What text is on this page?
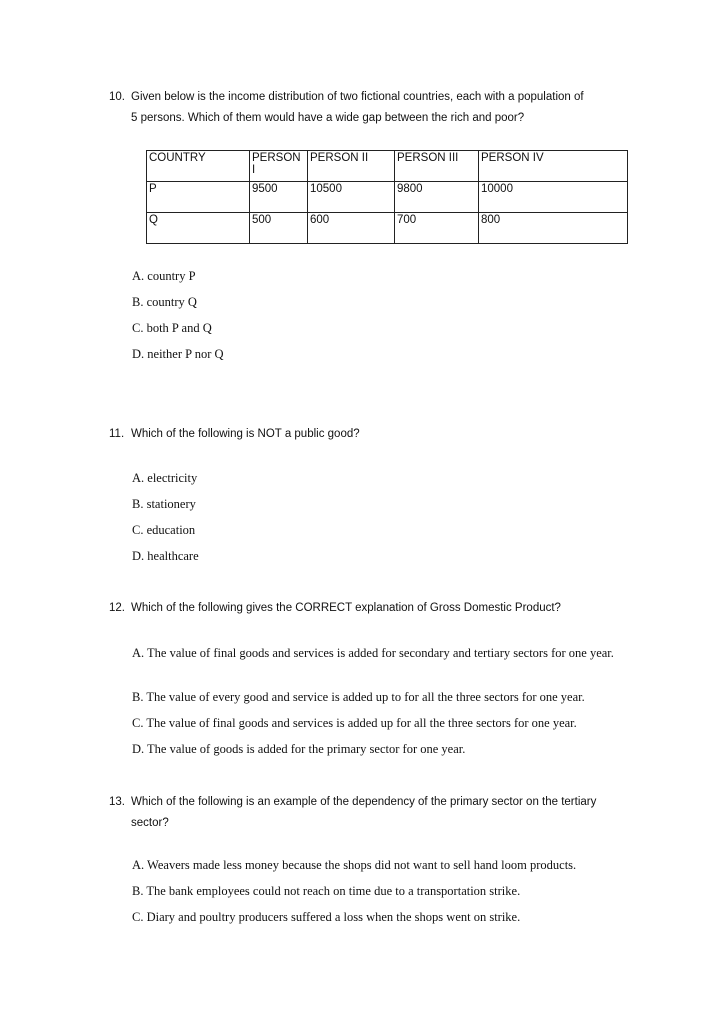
10. Given below is the income distribution of two fictional countries, each with a population of
5 persons. Which of them would have a wide gap between the rich and poor?
COUNTRY	PERSON I	PERSON II	PERSON III	PERSON IV
P	9500	10500	9800	10000
Q	500	600	700	800
A. country P
B. country Q
C. both P and Q
D. neither P nor Q
11. Which of the following is NOT a public good?
A. electricity
B. stationery
C. education
D. healthcare
12. Which of the following gives the CORRECT explanation of Gross Domestic Product?
A. The value of final goods and services is added for secondary and tertiary sectors for one year.
B. The value of every good and service is added up to for all the three sectors for one year.
C. The value of final goods and services is added up for all the three sectors for one year.
D. The value of goods is added for the primary sector for one year.
13. Which of the following is an example of the dependency of the primary sector on the tertiary
sector?
A. Weavers made less money because the shops did not want to sell hand loom products.
B. The bank employees could not reach on time due to a transportation strike.
C. Diary and poultry producers suffered a loss when the shops went on strike.
